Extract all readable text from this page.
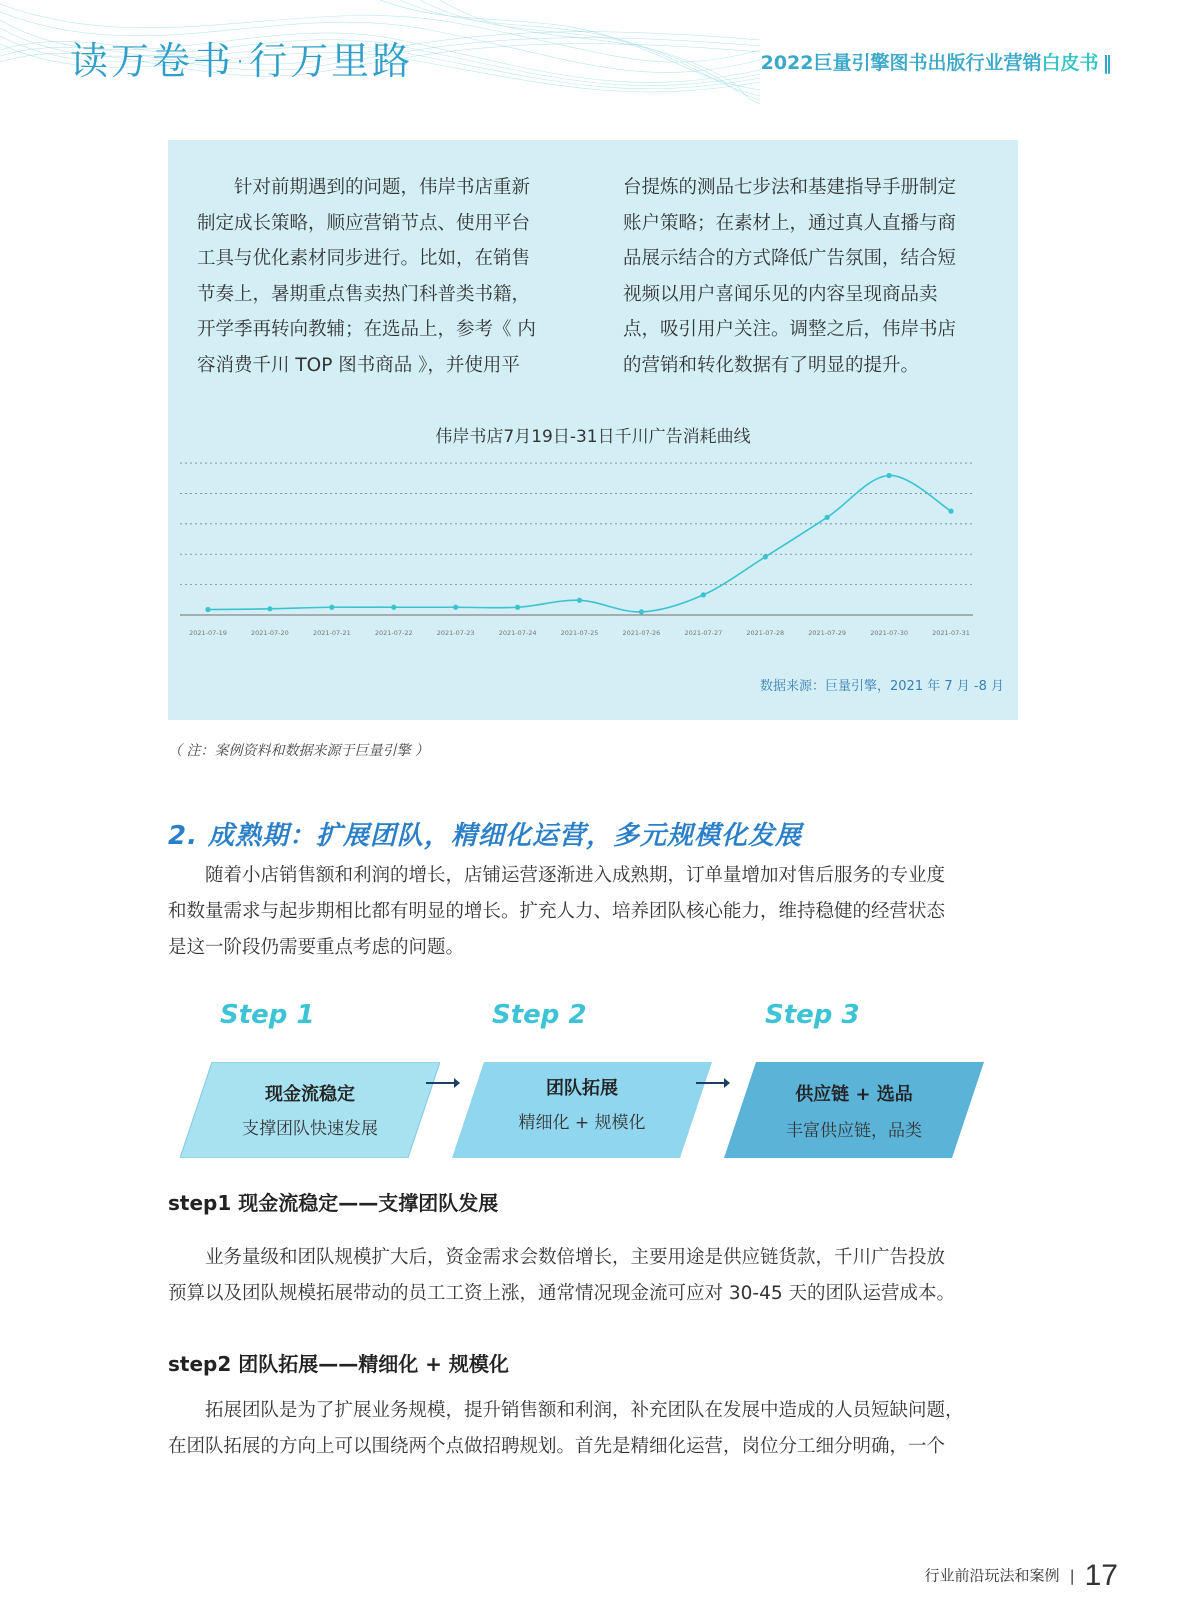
读万卷书·行万里路	2022巨量引擎图书出版行业营销白皮书 ‖
针对前期遇到的问题，伟岸书店重新
制定成长策略，顺应营销节点、使用平台
工具与优化素材同步进行。比如，在销售
节奏上，暑期重点售卖热门科普类书籍，
开学季再转向教辅；在选品上，参考《 内
容消费千川 TOP 图书商品 》，并使用平
台提炼的测品七步法和基建指导手册制定
账户策略；在素材上，通过真人直播与商
品展示结合的方式降低广告氛围，结合短
视频以用户喜闻乐见的内容呈现商品卖
点，吸引用户关注。调整之后，伟岸书店
的营销和转化数据有了明显的提升。
伟岸书店7月19日-31日千川广告消耗曲线
2021-07-19	2021-07-20	2021-07-21	2021-07-22	2021-07-23	2021-07-24	2021-07-25	2021-07-26	2021-07-27	2021-07-28	2021-07-29	2021-07-30	2021-07-31
数据来源：巨量引擎，2021 年 7 月 -8 月
（ 注：案例资料和数据来源于巨量引擎 ）
2. 成熟期：扩展团队，精细化运营，多元规模化发展
随着小店销售额和利润的增长，店铺运营逐渐进入成熟期，订单量增加对售后服务的专业度
和数量需求与起步期相比都有明显的增长。扩充人力、培养团队核心能力，维持稳健的经营状态
是这一阶段仍需要重点考虑的问题。
Step 1	Step 2	Step 3
现金流稳定
支撑团队快速发展
团队拓展
精细化 + 规模化
供应链 + 选品
丰富供应链，品类
step1 现金流稳定——支撑团队发展
业务量级和团队规模扩大后，资金需求会数倍增长，主要用途是供应链货款，千川广告投放
预算以及团队规模拓展带动的员工工资上涨，通常情况现金流可应对 30-45 天的团队运营成本。
step2 团队拓展——精细化 + 规模化
拓展团队是为了扩展业务规模，提升销售额和利润，补充团队在发展中造成的人员短缺问题，
在团队拓展的方向上可以围绕两个点做招聘规划。首先是精细化运营，岗位分工细分明确，一个
行业前沿玩法和案例 | 17
